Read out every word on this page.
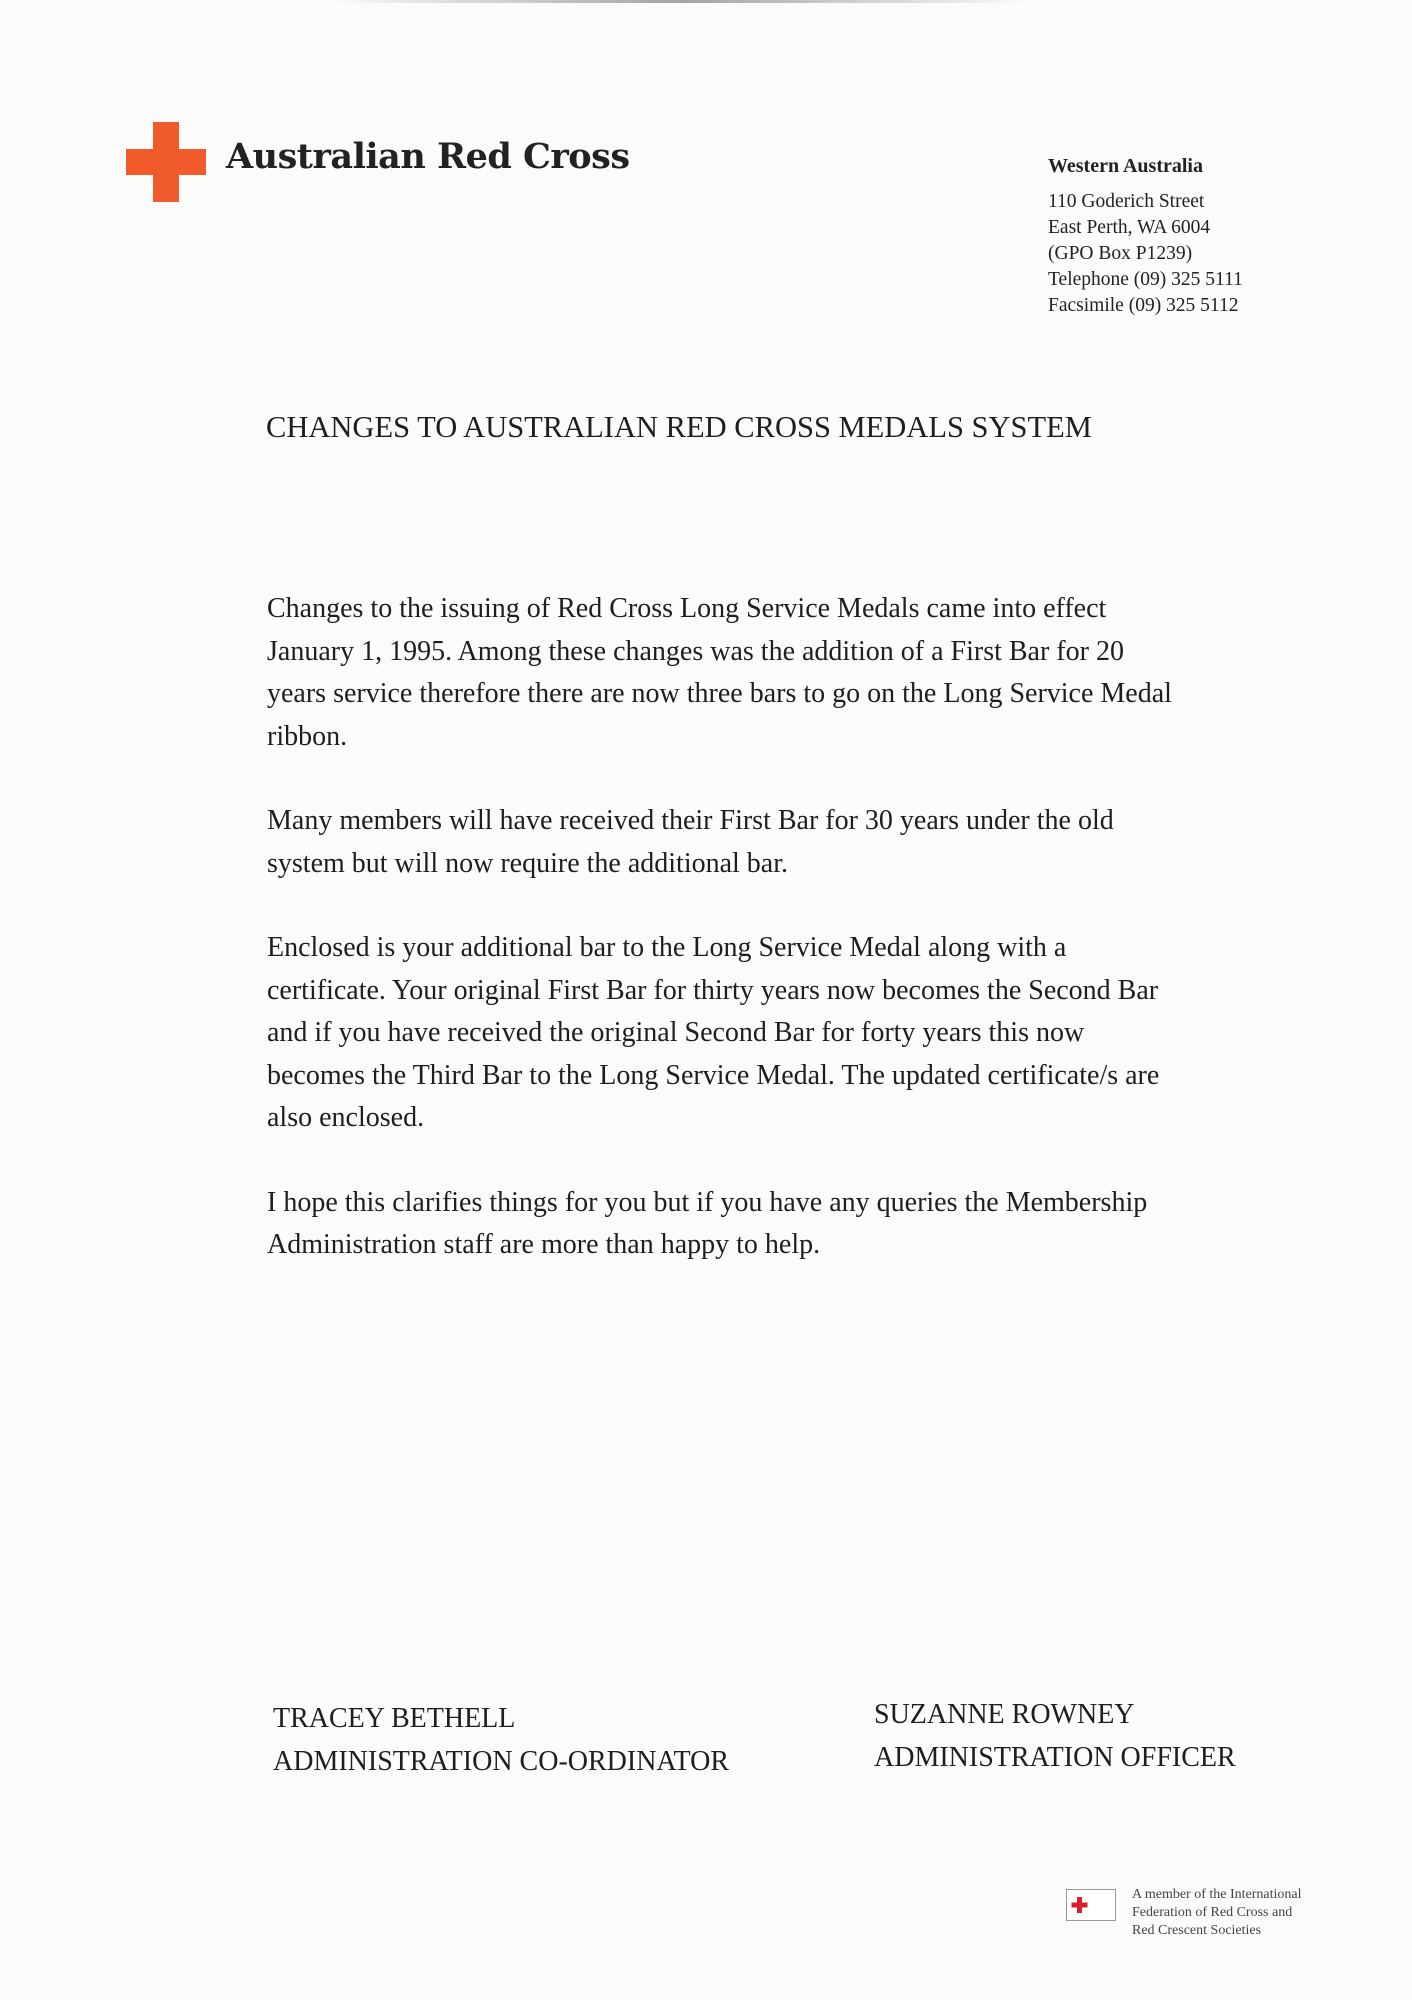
Australian Red Cross	Western Australia
110 Goderich Street
East Perth, WA 6004
(GPO Box P1239)
Telephone (09) 325 5111
Facsimile (09) 325 5112
CHANGES TO AUSTRALIAN RED CROSS MEDALS SYSTEM

Changes to the issuing of Red Cross Long Service Medals came into effect January 1, 1995. Among these changes was the addition of a First Bar for 20 years service therefore there are now three bars to go on the Long Service Medal ribbon.

Many members will have received their First Bar for 30 years under the old system but will now require the additional bar.

Enclosed is your additional bar to the Long Service Medal along with a certificate. Your original First Bar for thirty years now becomes the Second Bar and if you have received the original Second Bar for forty years this now becomes the Third Bar to the Long Service Medal. The updated certificate/s are also enclosed.

I hope this clarifies things for you but if you have any queries the Membership Administration staff are more than happy to help.

TRACEY BETHELL
ADMINISTRATION CO-ORDINATOR
SUZANNE ROWNEY
ADMINISTRATION OFFICER
A member of the International
Federation of Red Cross and
Red Crescent Societies
